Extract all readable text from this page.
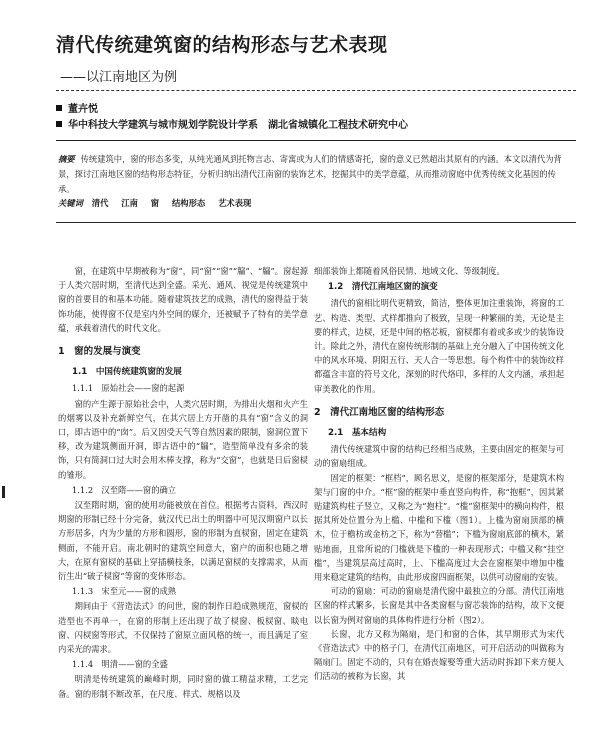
清代传统建筑窗的结构形态与艺术表现
——以江南地区为例
董卉悦
华中科技大学建筑与城市规划学院设计学系　湖北省城镇化工程技术研究中心
摘要 传统建筑中，窗的形态多变，从纯光通风到托物言志、寄寓或为人们的情感寄托，窗的意义已然超出其原有的内涵。本文以清代为背景，探讨江南地区窗的结构形态特征，分析归纳出清代江南窗的装饰艺术，挖掘其中的美学意蕴，从而推动窗庭中优秀传统文化基因的传承。
关键词 清代 江南 窗 结构形态 艺术表现

窗，在建筑中早期被称为“窗”，同“窗”“窗”“牖”、“牖”。窗起源于人类穴居时期，至清代达到全盛。采光、通风、视觉是传统建筑中窗的首要目的和基本功能。随着建筑技艺的成熟，清代的窗得益于装饰功能，使得窗不仅是室内外空间的媒介，还被赋予了特有的美学意蕴，承载着清代的时代文化。

1　窗的发展与演变
1.1　中国传统建筑窗的发展
1.1.1　原始社会——窗的起源

窗的产生源于原始社会中，人类穴居时期，为排出火烟和火产生的烟雾以及补充新鲜空气，在其穴居上方开凿的具有“窗”含义的洞口，即古语中的“囱”。后又因受天气等自然因素的限制，窗洞位置下移，改为建筑侧面开洞，即古语中的“牖”，造型简单没有多余的装饰，只有简洞口过大时会用木棒支撑，称为“交窗”，也就是日后窗棂的雏形。

1.1.2　汉至隋——窗的确立

汉至隋时期，窗的使用功能被放在首位。根据考古资料，西汉时期窗的形制已经十分完备，就汉代已出土的明器中可见汉期窗户以长方形居多，内为少量的方形和圆形，窗的形制为直棂窗，固定在建筑侧面，不能开启。南北朝时的建筑空间意大，窗户的面积也随之增大，在原有窗棂的基础上穿插横枝条，以满足窗棂的支撑需求，从而衍生出“破子棂窗”等窗的变体形态。

1.1.3　宋至元——窗的成熟

期间由于《营造法式》的问世，窗的制作日趋成熟规范，窗棂的造型也不再单一，在窗的形制上还出现了故了棂窗、板棂窗、睒电窗、闪棂窗等形式，不仅保持了窗原立面风格的统一，而且满足了室内采光的需求。

1.1.4　明清——窗的全盛

明清是传统建筑的巅峰时期，同时窗的做工精益求精，工艺完备。窗的形制不断改革，在尺度、样式、规格以及

细部装饰上都随着风俗民情、地域文化、等级制度。

1.2　清代江南地区窗的演变

清代的窗相比明代更精致，简洁，整体更加注重装饰，将窗的工艺、构造、类型、式样都推向了极致，呈现一种繁丽的美，无论是主要的样式，边棂，还是中间的格芯板，窗棂都有着或多或少的装饰设计。除此之外，清代在窗传统形制的基础上充分融入了中国传统文化中的风水环境、阴阳五行、天人合一等思想。每个构件中的装饰纹样都蕴含丰富的符号文化，深刻的时代烙印，多样的人文内涵，承担起审美教化的作用。

2　清代江南地区窗的结构形态
2.1　基本结构

清代传统建筑中窗的结构已经相当成熟，主要由固定的框架与可动的窗扇组成。

固定的框架：“框档”，顾名思义，是窗的框架部分，是建筑木构架与门窗的中介。“框”窗的框架中垂直竖向构件，称“抱框”，因其紧贴建筑构柱子竖立，又称之为“抱柱”。“槛”窗框架中的横向构件，根据其所处位置分为上槛、中槛和下槛（图1）。上槛为窗扇顶部的横木，位于檐枋或金枋之下，称为“替槛”；下槛为窗扇底部的横木，紧贴地面，且常所说的门槛就是下槛的一种表现形式；中槛又称“挂空槛”，当建筑层高过高时，上、下槛高度过大会在窗框架中增加中槛用来稳定建筑的结构，由此形成窗四面框架，以供可动窗扇的安装。

可动的窗扇：可动的窗扇是清代窗中最独立的分部。清代江南地区窗的样式繁多，长窗是其中各类窗框与窗芯装饰的结构，故下文便以长窗为例对窗扇的具体构件进行分析（图2）。

长窗，北方又称为隔扇，是门和窗的合体，其早期形式为宋代《营造法式》中的格子门，在清代江南地区，可开启活动的叫做称为隔扇门。固定不动的，只有在婚丧嫁娶等重大活动时拆卸下来方便人们活动的被称为长窗，其
